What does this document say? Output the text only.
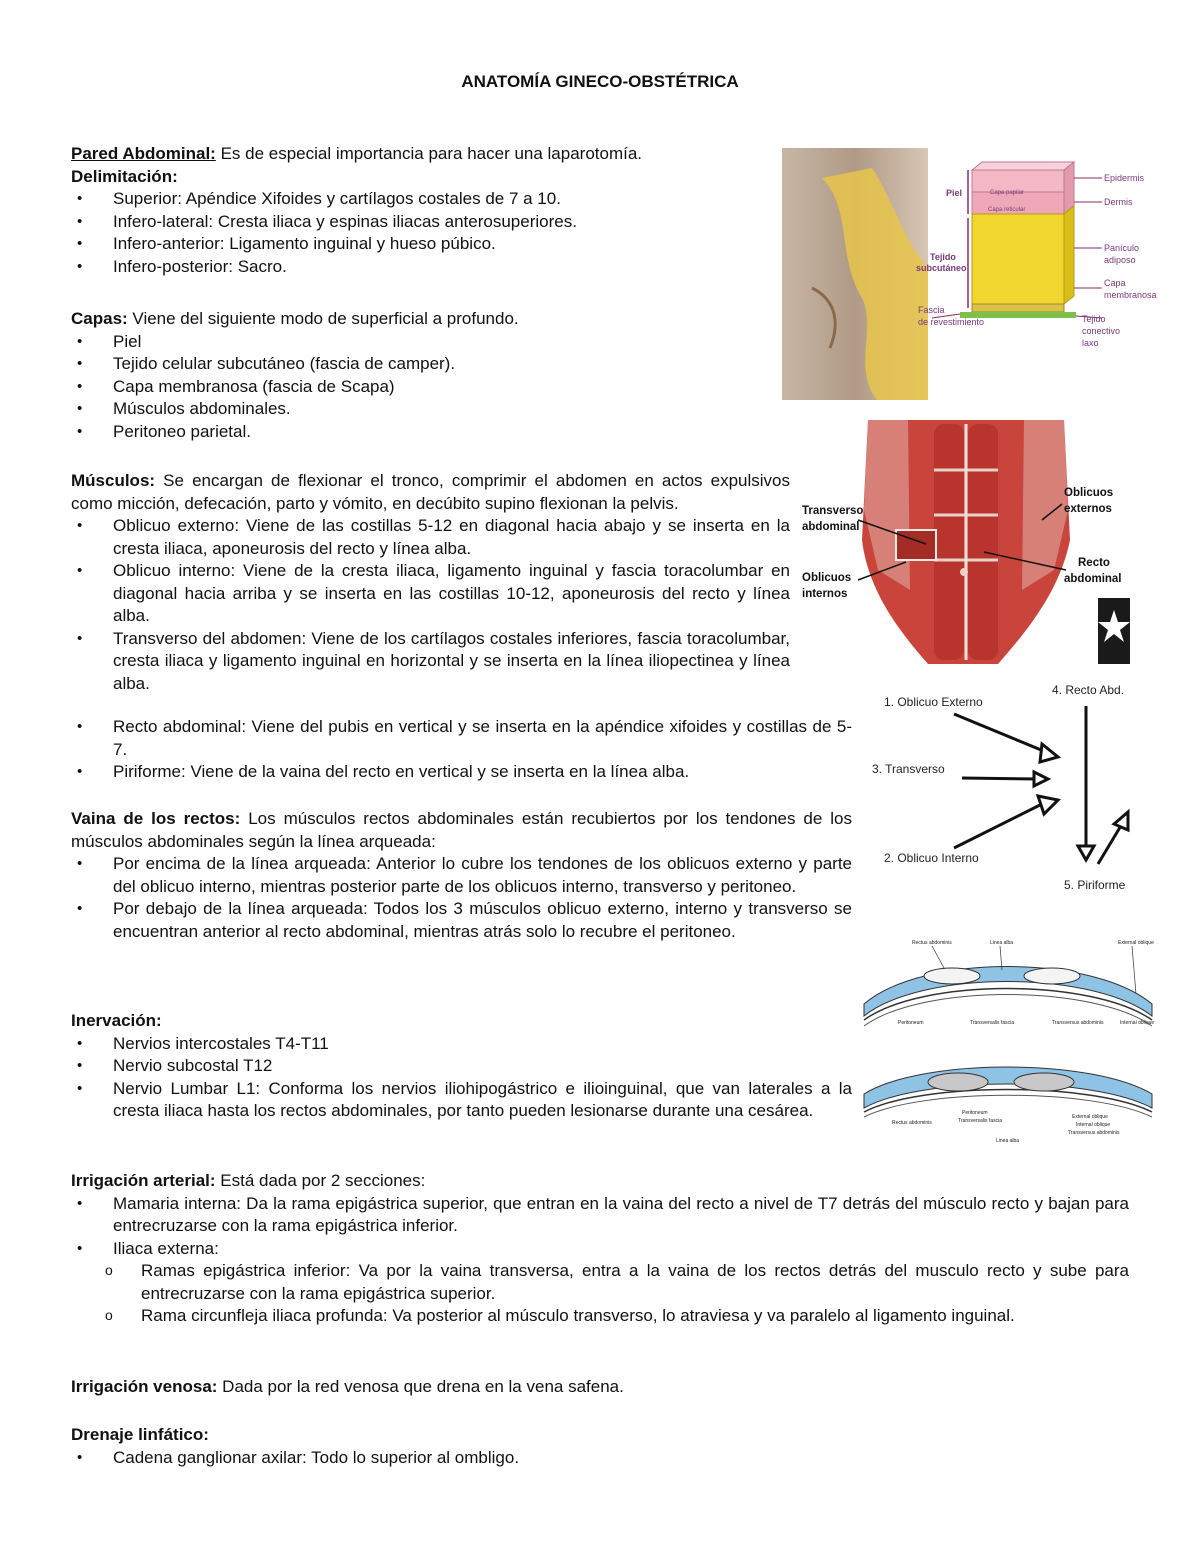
ANATOMÍA GINECO-OBSTÉTRICA

Pared Abdominal: Es de especial importancia para hacer una laparotomía.

Delimitación:

• Superior: Apéndice Xifoides y cartílagos costales de 7 a 10.
• Infero-lateral: Cresta iliaca y espinas iliacas anterosuperiores.
• Infero-anterior: Ligamento inguinal y hueso púbico.
• Infero-posterior: Sacro.

Capas: Viene del siguiente modo de superficial a profundo.

• Piel
• Tejido celular subcutáneo (fascia de camper).
• Capa membranosa (fascia de Scapa)
• Músculos abdominales.
• Peritoneo parietal.

Músculos: Se encargan de flexionar el tronco, comprimir el abdomen en actos expulsivos como micción, defecación, parto y vómito, en decúbito supino flexionan la pelvis.

• Oblicuo externo: Viene de las costillas 5-12 en diagonal hacia abajo y se inserta en la cresta iliaca, aponeurosis del recto y línea alba.
• Oblicuo interno: Viene de la cresta iliaca, ligamento inguinal y fascia toracolumbar en diagonal hacia arriba y se inserta en las costillas 10-12, aponeurosis del recto y línea alba.
• Transverso del abdomen: Viene de los cartílagos costales inferiores, fascia toracolumbar, cresta iliaca y ligamento inguinal en horizontal y se inserta en la línea iliopectinea y línea alba.
• Recto abdominal: Viene del pubis en vertical y se inserta en la apéndice xifoides y costillas de 5-7.
• Piriforme: Viene de la vaina del recto en vertical y se inserta en la línea alba.

Vaina de los rectos: Los músculos rectos abdominales están recubiertos por los tendones de los músculos abdominales según la línea arqueada:

• Por encima de la línea arqueada: Anterior lo cubre los tendones de los oblicuos externo y parte del oblicuo interno, mientras posterior parte de los oblicuos interno, transverso y peritoneo.
• Por debajo de la línea arqueada: Todos los 3 músculos oblicuo externo, interno y transverso se encuentran anterior al recto abdominal, mientras atrás solo lo recubre el peritoneo.

Inervación:

• Nervios intercostales T4-T11
• Nervio subcostal T12
• Nervio Lumbar L1: Conforma los nervios iliohipogástrico e ilioinguinal, que van laterales a la cresta iliaca hasta los rectos abdominales, por tanto pueden lesionarse durante una cesárea.

Irrigación arterial: Está dada por 2 secciones:

• Mamaria interna: Da la rama epigástrica superior, que entran en la vaina del recto a nivel de T7 detrás del músculo recto y bajan para entrecruzarse con la rama epigástrica inferior.
• Iliaca externa:
o Ramas epigástrica inferior: Va por la vaina transversa, entra a la vaina de los rectos detrás del musculo recto y sube para entrecruzarse con la rama epigástrica superior.
o Rama circunfleja iliaca profunda: Va posterior al músculo transverso, lo atraviesa y va paralelo al ligamento inguinal.

Irrigación venosa: Dada por la red venosa que drena en la vena safena.

Drenaje linfático:

• Cadena ganglionar axilar: Todo lo superior al ombligo.
Piel
Tejido
subcutáneo
Fascia
de revestimiento
Capa papilar
Capa reticular
Epidermis
Dermis
Panículo
adiposo
Capa
membranosa
Tejido
conectivo
laxo
Transverso
abdominal
Oblicuos
internos
Oblicuos
externos
Recto
abdominal
1. Oblicuo Externo
3. Transverso
2. Oblicuo Interno
4. Recto Abd.
5. Piriforme
Rectus abdominis	Linea alba	External oblique
Peritoneum	Transversalis fascia	Transversus abdominis	Internal oblique
Rectus abdominis
Peritoneum
Transversalis fascia
Linea alba
External oblique
Internal oblique
Transversus abdominis
